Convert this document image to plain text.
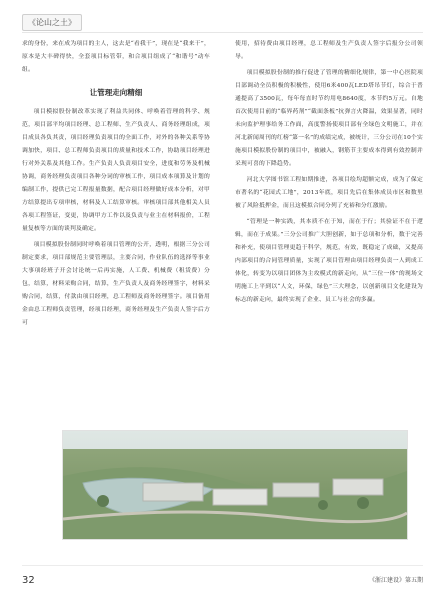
《论山之土》

求的身份，来在成为项目的主人，这去是“看我干”，现在是“我来干”，原本是大丰碑得快，全套项目标管带，和合项目组成了“和谐号”动车组。

让管理走向精细

项目模拟股份制改革实现了利益共同体、呼唤着管理的科学、规范，项目部平均项目经理、总工程师、生产负责人、商务经理组成，项目成员各负其责，项目经理负责项目的全面工作，对外的各种关系等协调加快，项目、总工程师负责项目的质量和技术工作，协助项目经理进行对外关系及其他工作。生产负责人负责项目安全，进度和劳务及机械协调，商务经理负责项目各种分词的审核工作，项目成本项算及计划的编制工作，提供已完工程报量数据，配合项目经理做好成本分析，对甲方结算提出专项审核，材料及人工结算审核。审核项目部其他相关人员各项工程签证，变更，协调甲方工作以及负责与业主在材料报价，工程量复核等方面的谈判及确定。

项目模拟股份制同时呼唤着项目管理的公开，透明，根据三分公司制定要求，项目部规范主要管理层，主要合同，作业队伍的选择等事业大事项经班子开会讨论统一后再实施，人工费、机械费（租赁费）分包，结算，材料采购合同，结算，生产负责人及商务经理签字，材料采购合同，结算，付款由项目经理，总工程师及商务经理签字。项目备用金由总工程师负责管理，经项目经理，商务经理及生产负责人签字后方可

使用，招待费由项目经理，总工程师及生产负责人签字后报分公司领导。

项目模拟股份制的推行促进了管理的精细化规律，第一中心医院项目部调动全员积极的积极性，使用6米400瓦LED塔吊节灯，综合于普通提高了3500瓦，每年每直时节约用电8640度，本节约5万元。自地首次使用目前的“临界药剂”“截面条板”抗弹言火降温，效果显著，同时未向监护理事给务工作面，高度警扬使项目部有全绿色文明施工，并在河北新闻周刊的红榜“第一名”的成绩完成，被统计，三分公司在10个实施项目模拟股份制的项目中，被融入，钢筋节主要成本得到有效控制并采现可喜的下降趋势。

河北大学图书馆工程如期推进，各项目绘均超额完成，成为了保定市著名的“花园式工地”，2013年底，项目先后在集体成员市区和数里被了风险抵押金，而且这模拟合同分列了充裕和分红激励。

“管理是一种实践，其本质不在于知，而在于行；其验证不在于逻辑，而在于成果。”三分公司推广大胆创新，如于总项和分析，数于完善和补充，使项目管理更趋于科学，规范，有效，既稳定了成础，又提高内部项目的合同管理质量，实现了项目管理由项目经理负责一人到成工体化，转变为以项目团体为主攻模式的新走向，从“三位一体”的现场文明施工上平到以“人文，环保，绿色”三大理念，以创新项目文化建设为标志的新走向，最终实现了企业、员工与社会的多赢。

32	《浙江建设》第五期
